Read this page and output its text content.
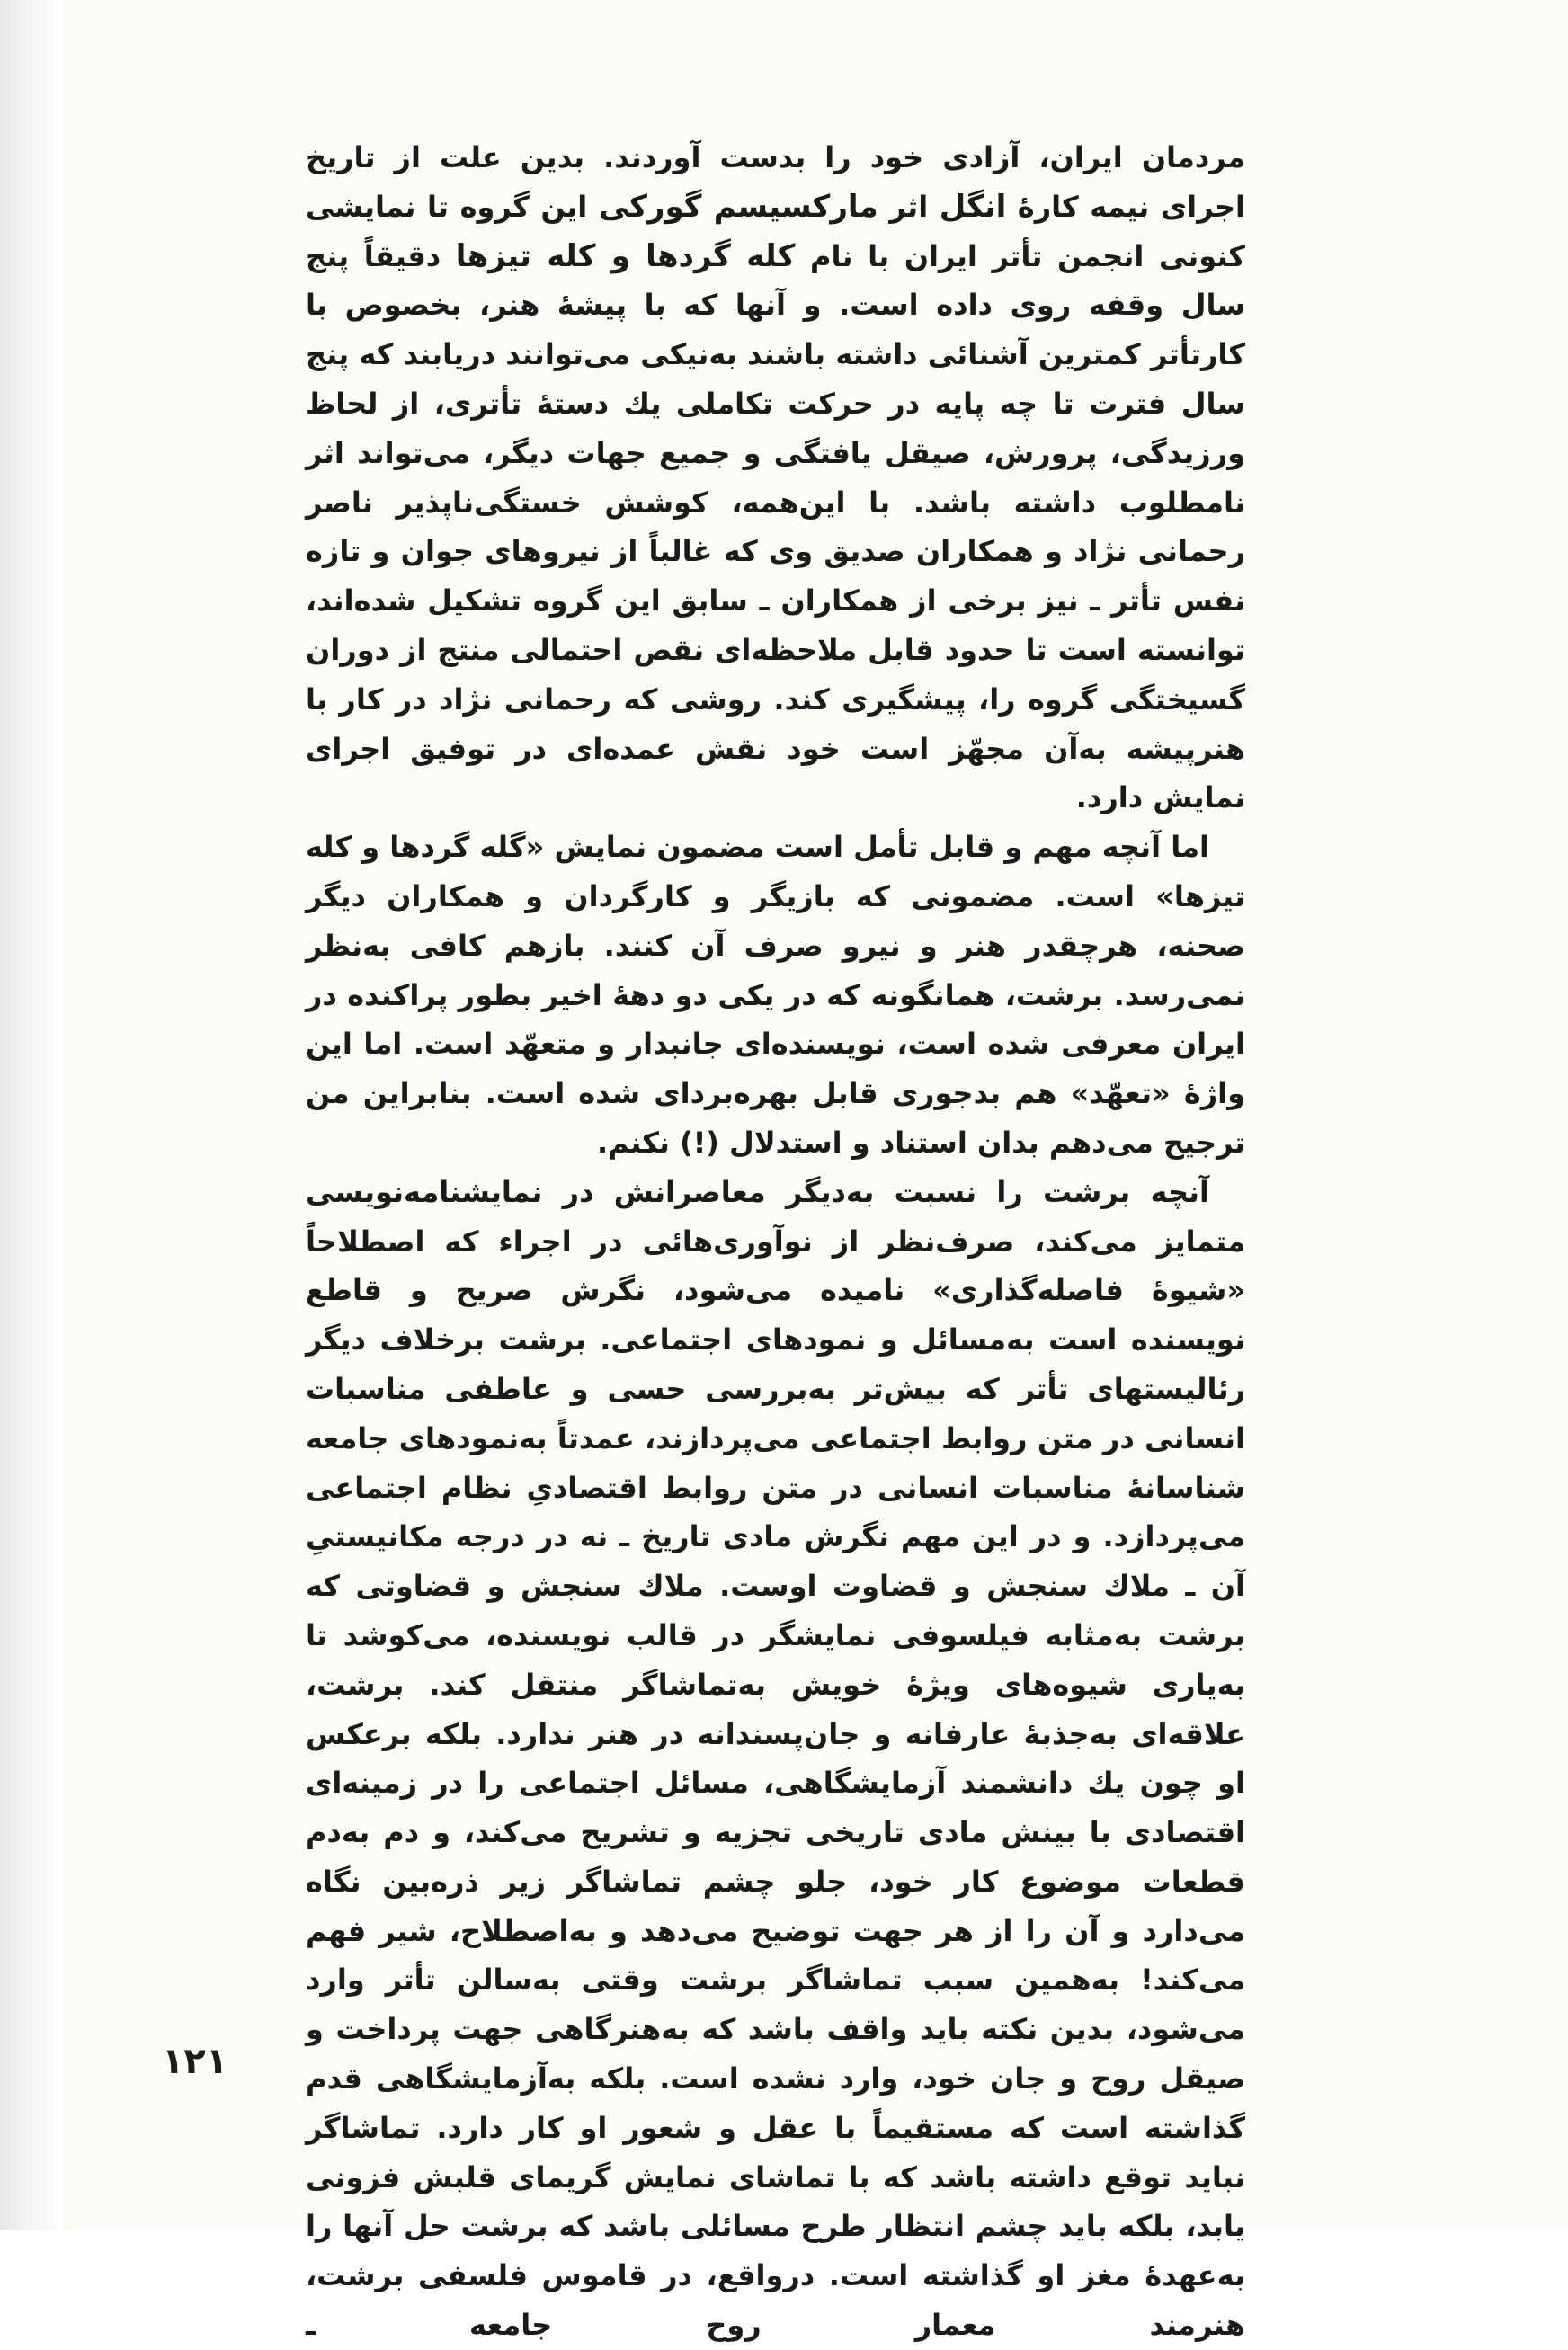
مردمان ایران، آزادی خود را بدست آوردند. بدین علت از تاریخ اجرای نیمه کارهٔ انگل اثر مارکسیسم گورکی این گروه تا نمایشی کنونی انجمن تأتر ایران با نام کله گردها و کله تیزها دقیقاً پنج سال وقفه روی داده است. و آنها که با پیشهٔ هنر، بخصوص با کارتأتر کمترین آشنائی داشته باشند به‌نیکی می‌توانند دریابند که پنج سال فترت تا چه پایه در حرکت تکاملی یك دستهٔ تأتری، از لحاظ ورزیدگی، پرورش، صیقل یافتگی و جمیع جهات دیگر، می‌تواند اثر نامطلوب داشته باشد. با این‌همه، کوشش خستگی‌ناپذیر ناصر رحمانی نژاد و همکاران صدیق وی که غالباً از نیروهای جوان و تازه نفس تأتر ـ نیز برخی از همکاران ـ سابق این گروه تشکیل شده‌اند، توانسته است تا حدود قابل ملاحظه‌ای نقص احتمالی منتج از دوران گسیختگی گروه را، پیشگیری کند. روشی که رحمانی نژاد در کار با هنرپیشه به‌آن مجهّز است خود نقش عمده‌ای در توفیق اجرای نمایش دارد.

اما آنچه مهم و قابل تأمل است مضمون نمایش «گله گردها و کله تیزها» است. مضمونی که بازیگر و کارگردان و همکاران دیگر صحنه، هرچقدر هنر و نیرو صرف آن کنند. بازهم کافی به‌نظر نمی‌رسد. برشت، همانگونه که در یکی دو دههٔ اخیر بطور پراکنده در ایران معرفی شده است، نویسنده‌ای جانبدار و متعهّد است. اما این واژهٔ «تعهّد» هم بدجوری قابل بهره‌بردای شده است. بنابراین من ترجیح می‌دهم بدان استناد و استدلال (!) نکنم.

آنچه برشت را نسبت به‌دیگر معاصرانش در نمایشنامه‌نویسی متمایز می‌کند، صرف‌نظر از نوآوری‌هائی در اجراء که اصطلاحاً «شیوهٔ فاصله‌گذاری» نامیده می‌شود، نگرش صریح و قاطع نویسنده است به‌مسائل و نمودهای اجتماعی. برشت برخلاف دیگر رئالیستهای تأتر که بیش‌تر به‌بررسی حسی و عاطفی مناسبات انسانی در متن روابط اجتماعی می‌پردازند، عمدتاً به‌نمودهای جامعه شناسانهٔ مناسبات انسانی در متن روابط اقتصادیِ نظام اجتماعی می‌پردازد. و در این مهم نگرش مادی تاریخ ـ نه در درجه مکانیستیِ آن ـ ملاك سنجش و قضاوت اوست. ملاك سنجش و قضاوتی که برشت به‌مثابه فیلسوفی نمایشگر در قالب نویسنده، می‌کوشد تا به‌یاری شیوه‌های ویژهٔ خویش به‌تماشاگر منتقل کند. برشت، علاقه‌ای به‌جذبهٔ عارفانه و جان‌پسندانه در هنر ندارد. بلکه برعکس او چون یك دانشمند آزمایشگاهی، مسائل اجتماعی را در زمینه‌ای اقتصادی با بینش مادی تاریخی تجزیه و تشریح می‌کند، و دم به‌دم قطعات موضوع کار خود، جلو چشم تماشاگر زیر ذره‌بین نگاه می‌دارد و آن را از هر جهت توضیح می‌دهد و به‌اصطلاح، شیر فهم می‌کند! به‌همین سبب تماشاگر برشت وقتی به‌سالن تأتر وارد می‌شود، بدین نکته باید واقف باشد که به‌هنرگاهی جهت پرداخت و صیقل روح و جان خود، وارد نشده است. بلکه به‌آزمایشگاهی قدم گذاشته است که مستقیماً با عقل و شعور او کار دارد. تماشاگر نباید توقع داشته باشد که با تماشای نمایش گریمای قلبش فزونی یابد، بلکه باید چشم انتظار طرح مسائلی باشد که برشت حل آنها را به‌عهدهٔ مغز او گذاشته است. درواقع، در قاموس فلسفی برشت، هنرمند معمار روح جامعه ـ

۱۲۱
